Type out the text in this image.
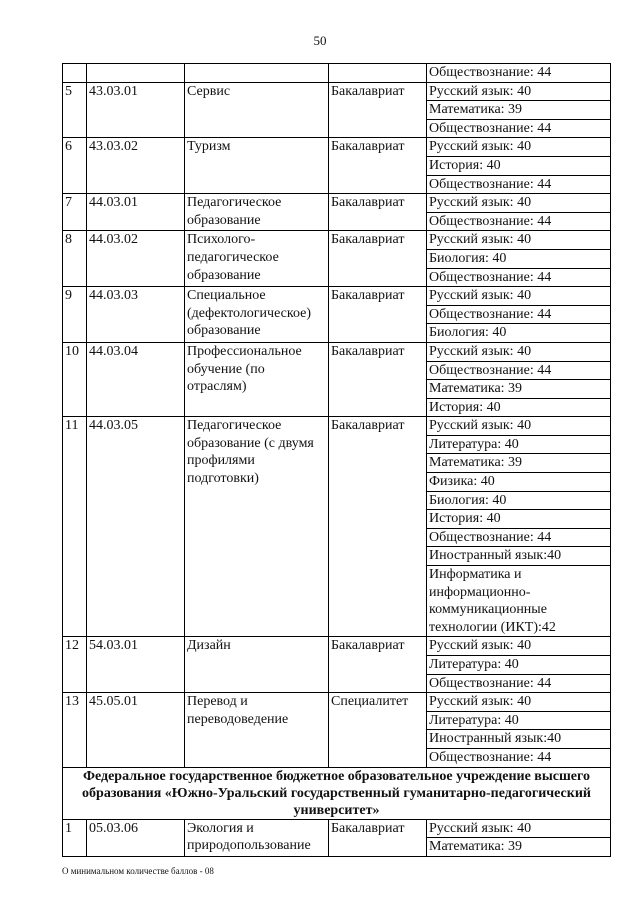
50
				Обществознание: 44
5	43.03.01	Сервис	Бакалавриат	Русский язык: 40
				Математика: 39
				Обществознание: 44
6	43.03.02	Туризм	Бакалавриат	Русский язык: 40
				История: 40
				Обществознание: 44
7	44.03.01	Педагогическое образование	Бакалавриат	Русский язык: 40
				Обществознание: 44
8	44.03.02	Психолого-педагогическое образование	Бакалавриат	Русский язык: 40
				Биология: 40
				Обществознание: 44
9	44.03.03	Специальное (дефектологическое) образование	Бакалавриат	Русский язык: 40
				Обществознание: 44
				Биология: 40
10	44.03.04	Профессиональное обучение (по отраслям)	Бакалавриат	Русский язык: 40
				Обществознание: 44
				Математика: 39
				История: 40
11	44.03.05	Педагогическое образование (с двумя профилями подготовки)	Бакалавриат	Русский язык: 40
				Литература: 40
				Математика: 39
				Физика: 40
				Биология: 40
				История: 40
				Обществознание: 44
				Иностранный язык:40
				Информатика и информационно-коммуникационные технологии (ИКТ):42
12	54.03.01	Дизайн	Бакалавриат	Русский язык: 40
				Литература: 40
				Обществознание: 44
13	45.05.01	Перевод и переводоведение	Специалитет	Русский язык: 40
				Литература: 40
				Иностранный язык:40
				Обществознание: 44
Федеральное государственное бюджетное образовательное учреждение высшего образования «Южно-Уральский государственный гуманитарно-педагогический университет»				
1	05.03.06	Экология и природопользование	Бакалавриат	Русский язык: 40
				Математика: 39
О минимальном количестве баллов - 08
